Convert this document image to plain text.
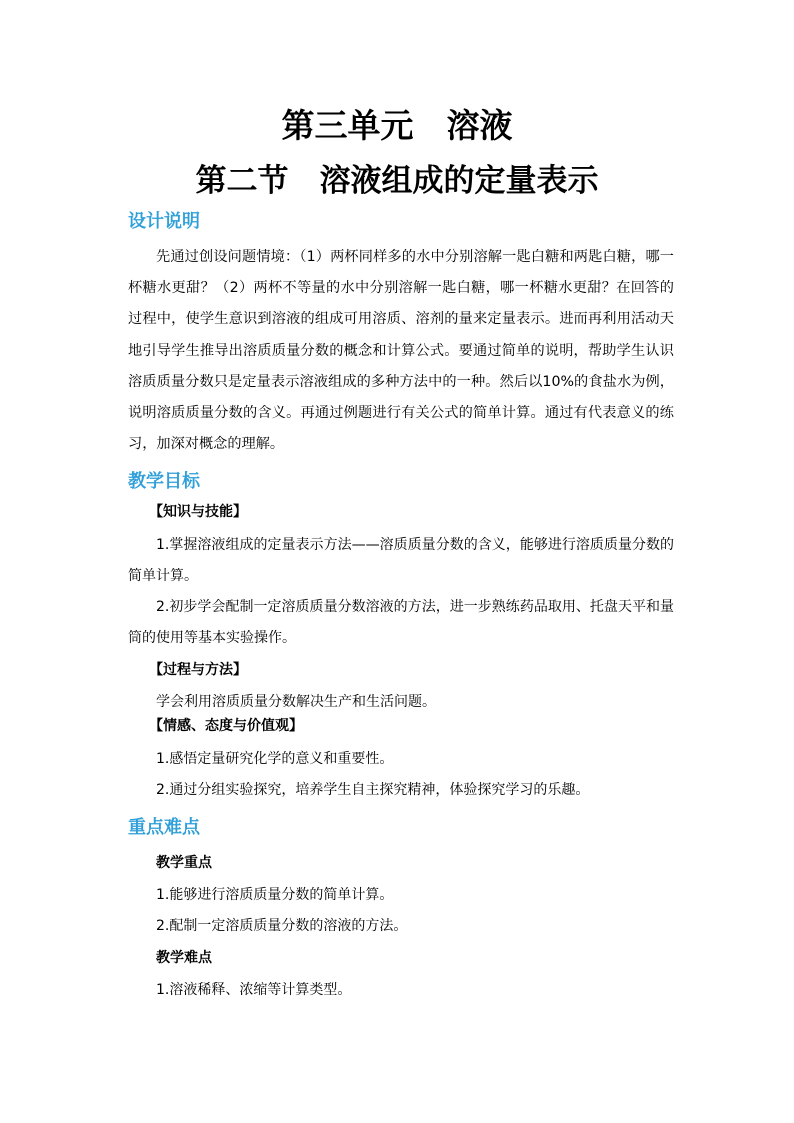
第三单元　溶液
第二节　溶液组成的定量表示
设计说明
先通过创设问题情境：（1）两杯同样多的水中分别溶解一匙白糖和两匙白糖，哪一杯糖水更甜？（2）两杯不等量的水中分别溶解一匙白糖，哪一杯糖水更甜？在回答的过程中，使学生意识到溶液的组成可用溶质、溶剂的量来定量表示。进而再利用活动天地引导学生推导出溶质质量分数的概念和计算公式。要通过简单的说明，帮助学生认识溶质质量分数只是定量表示溶液组成的多种方法中的一种。然后以10%的食盐水为例，说明溶质质量分数的含义。再通过例题进行有关公式的简单计算。通过有代表意义的练习，加深对概念的理解。
教学目标
【知识与技能】
1.掌握溶液组成的定量表示方法——溶质质量分数的含义，能够进行溶质质量分数的简单计算。
2.初步学会配制一定溶质质量分数溶液的方法，进一步熟练药品取用、托盘天平和量筒的使用等基本实验操作。
【过程与方法】
学会利用溶质质量分数解决生产和生活问题。
【情感、态度与价值观】
1.感悟定量研究化学的意义和重要性。
2.通过分组实验探究，培养学生自主探究精神，体验探究学习的乐趣。
重点难点
教学重点
1.能够进行溶质质量分数的简单计算。
2.配制一定溶质质量分数的溶液的方法。
教学难点
1.溶液稀释、浓缩等计算类型。
